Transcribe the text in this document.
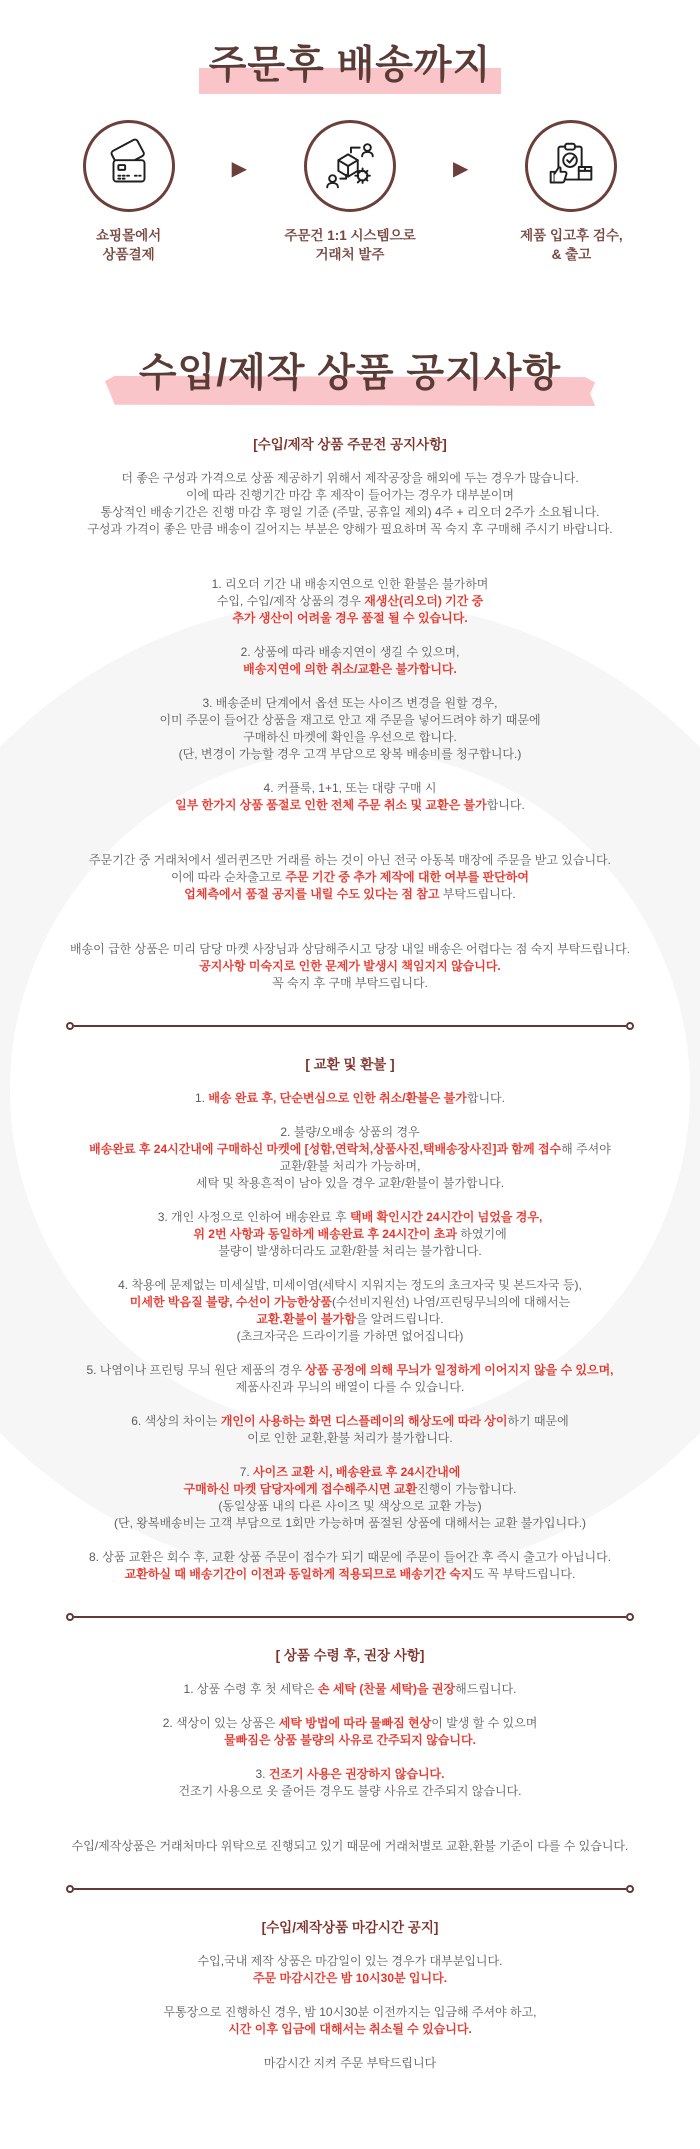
주문후 배송까지
쇼핑몰에서
상품결제
▶
주문건 1:1 시스템으로
거래처 발주
▶
제품 입고후 검수,
& 출고
수입/제작 상품 공지사항
[수입/제작 상품 주문전 공지사항]

더 좋은 구성과 가격으로 상품 제공하기 위해서 제작공장을 해외에 두는 경우가 많습니다.
이에 따라 진행기간 마감 후 제작이 들어가는 경우가 대부분이며
통상적인 배송기간은 진행 마감 후 평일 기준 (주말, 공휴일 제외) 4주 + 리오더 2주가 소요됩니다.
구성과 가격이 좋은 만큼 배송이 길어지는 부분은 양해가 필요하며 꼭 숙지 후 구매해 주시기 바랍니다.

1. 리오더 기간 내 배송지연으로 인한 환불은 불가하며
수입, 수입/제작 상품의 경우 재생산(리오더) 기간 중
추가 생산이 어려울 경우 품절 될 수 있습니다.

2. 상품에 따라 배송지연이 생길 수 있으며,
배송지연에 의한 취소/교환은 불가합니다.

3. 배송준비 단계에서 옵션 또는 사이즈 변경을 원할 경우,
이미 주문이 들어간 상품을 재고로 안고 재 주문을 넣어드려야 하기 때문에
구매하신 마켓에 확인을 우선으로 합니다.
(단, 변경이 가능할 경우 고객 부담으로 왕복 배송비를 청구합니다.)

4. 커플룩, 1+1, 또는 대량 구매 시
일부 한가지 상품 품절로 인한 전체 주문 취소 및 교환은 불가합니다.

주문기간 중 거래처에서 셀러퀸즈만 거래를 하는 것이 아닌 전국 아동복 매장에 주문을 받고 있습니다.
이에 따라 순차출고로 주문 기간 중 추가 제작에 대한 여부를 판단하여
업체측에서 품절 공지를 내릴 수도 있다는 점 참고 부탁드립니다.

배송이 급한 상품은 미리 담당 마켓 사장님과 상담해주시고 당장 내일 배송은 어렵다는 점 숙지 부탁드립니다.
공지사항 미숙지로 인한 문제가 발생시 책임지지 않습니다.
꼭 숙지 후 구매 부탁드립니다.

[ 교환 및 환불 ]

1. 배송 완료 후, 단순변심으로 인한 취소/환불은 불가합니다.

2. 불량/오배송 상품의 경우
배송완료 후 24시간내에 구매하신 마켓에 [성함,연락처,상품사진,택배송장사진]과 함께 접수해 주셔야
교환/환불 처리가 가능하며,
세탁 및 착용흔적이 남아 있을 경우 교환/환불이 불가합니다.

3. 개인 사정으로 인하여 배송완료 후 택배 확인시간 24시간이 넘었을 경우,
위 2번 사항과 동일하게 배송완료 후 24시간이 초과 하였기에
불량이 발생하더라도 교환/환불 처리는 불가합니다.

4. 착용에 문제없는 미세실밥, 미세이염(세탁시 지워지는 정도의 초크자국 및 본드자국 등),
미세한 박음질 불량, 수선이 가능한상품(수선비지원선) 나염/프린팅무늬의에 대해서는
교환.환불이 불가함을 알려드립니다.
(초크자국은 드라이기를 가하면 없어집니다)

5. 나염이나 프린팅 무늬 원단 제품의 경우 상품 공정에 의해 무늬가 일정하게 이어지지 않을 수 있으며,
제품사진과 무늬의 배열이 다를 수 있습니다.

6. 색상의 차이는 개인이 사용하는 화면 디스플레이의 해상도에 따라 상이하기 때문에
이로 인한 교환,환불 처리가 불가합니다.

7. 사이즈 교환 시, 배송완료 후 24시간내에
구매하신 마켓 담당자에게 접수해주시면 교환진행이 가능합니다.
(동일상품 내의 다른 사이즈 및 색상으로 교환 가능)
(단, 왕복배송비는 고객 부담으로 1회만 가능하며 품절된 상품에 대해서는 교환 불가입니다.)

8. 상품 교환은 회수 후, 교환 상품 주문이 접수가 되기 때문에 주문이 들어간 후 즉시 출고가 아닙니다.
교환하실 때 배송기간이 이전과 동일하게 적용되므로 배송기간 숙지도 꼭 부탁드립니다.

[ 상품 수령 후, 권장 사항]

1. 상품 수령 후 첫 세탁은 손 세탁 (찬물 세탁)을 권장해드립니다.

2. 색상이 있는 상품은 세탁 방법에 따라 물빠짐 현상이 발생 할 수 있으며
물빠짐은 상품 불량의 사유로 간주되지 않습니다.

3. 건조기 사용은 권장하지 않습니다.
건조기 사용으로 옷 줄어든 경우도 불량 사유로 간주되지 않습니다.

수입/제작상품은 거래처마다 위탁으로 진행되고 있기 때문에 거래처별로 교환,환불 기준이 다를 수 있습니다.

[수입/제작상품 마감시간 공지]

수입,국내 제작 상품은 마감일이 있는 경우가 대부분입니다.
주문 마감시간은 밤 10시30분 입니다.

무통장으로 진행하신 경우, 밤 10시30분 이전까지는 입금해 주셔야 하고,
시간 이후 입금에 대해서는 취소될 수 있습니다.

마감시간 지켜 주문 부탁드립니다
